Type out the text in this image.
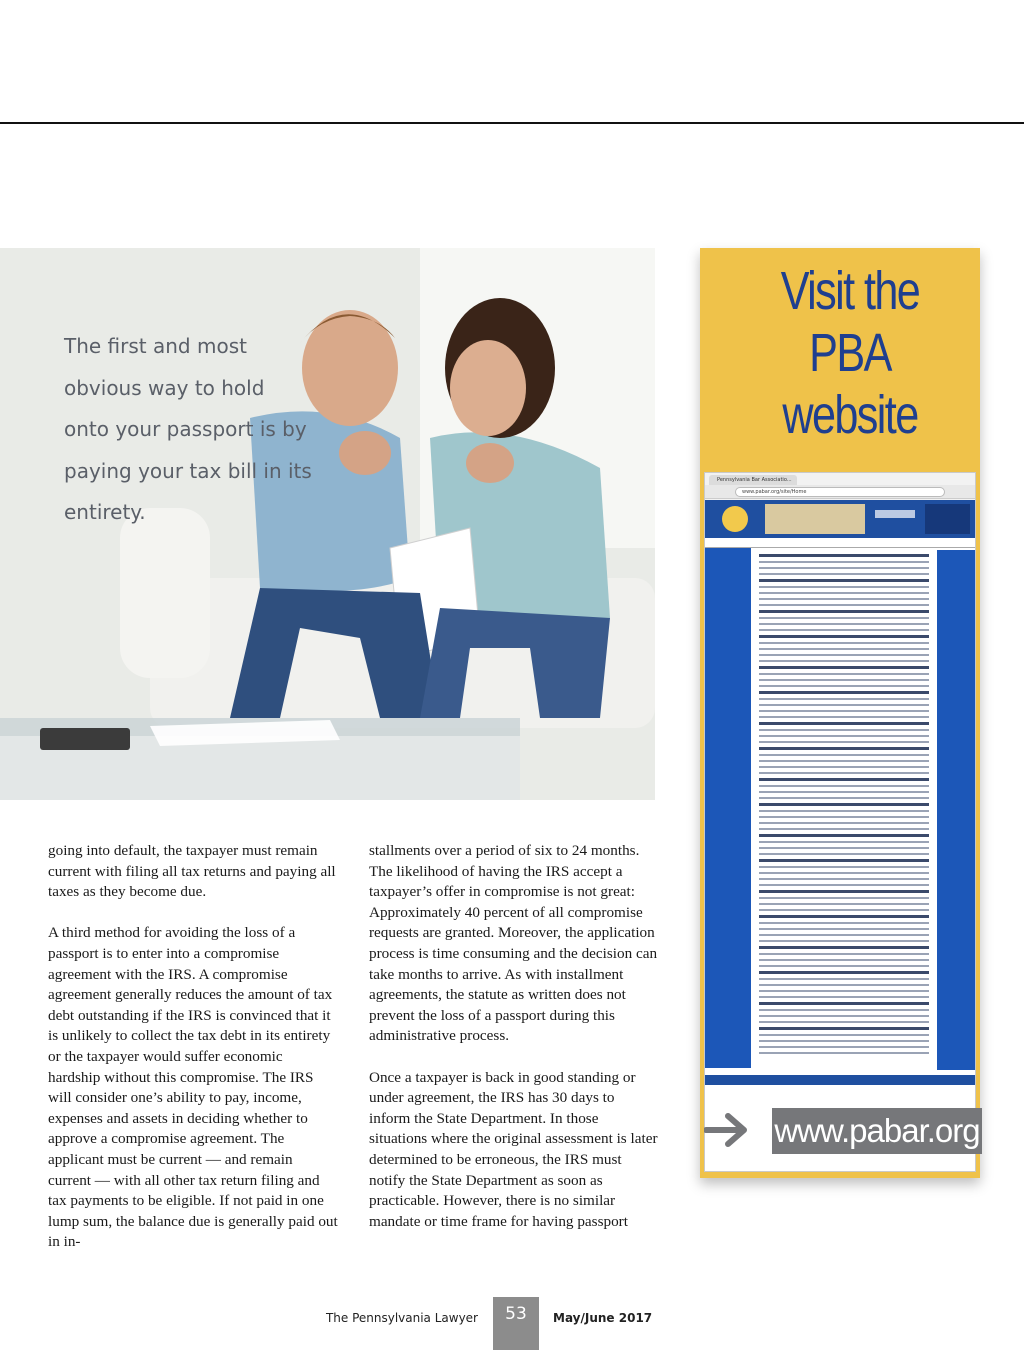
The first and most obvious way to hold onto your passport is by paying your tax bill in its entirety.
Visit the
PBA
website
Pennsylvania Bar Associatio...
www.pabar.org/site/Home
www.pabar.org

going into default, the taxpayer must remain current with filing all tax returns and paying all taxes as they become due.

A third method for avoiding the loss of a passport is to enter into a compromise agreement with the IRS. A compromise agreement generally reduces the amount of tax debt outstanding if the IRS is convinced that it is unlikely to collect the tax debt in its entirety or the taxpayer would suffer economic hardship without this compromise. The IRS will consider one’s ability to pay, income, expenses and assets in deciding whether to approve a compromise agreement. The applicant must be current — and remain current — with all other tax return filing and tax payments to be eligible. If not paid in one lump sum, the balance due is generally paid out in in-

stallments over a period of six to 24 months. The likelihood of having the IRS accept a taxpayer’s offer in compromise is not great: Approximately 40 percent of all compromise requests are granted. Moreover, the application process is time consuming and the decision can take months to arrive. As with installment agreements, the statute as written does not prevent the loss of a passport during this administrative process.

Once a taxpayer is back in good standing or under agreement, the IRS has 30 days to inform the State Department. In those situations where the original assessment is later determined to be erroneous, the IRS must notify the State Department as soon as practicable. However, there is no similar mandate or time frame for having passport

The Pennsylvania Lawyer	53	May/June 2017
